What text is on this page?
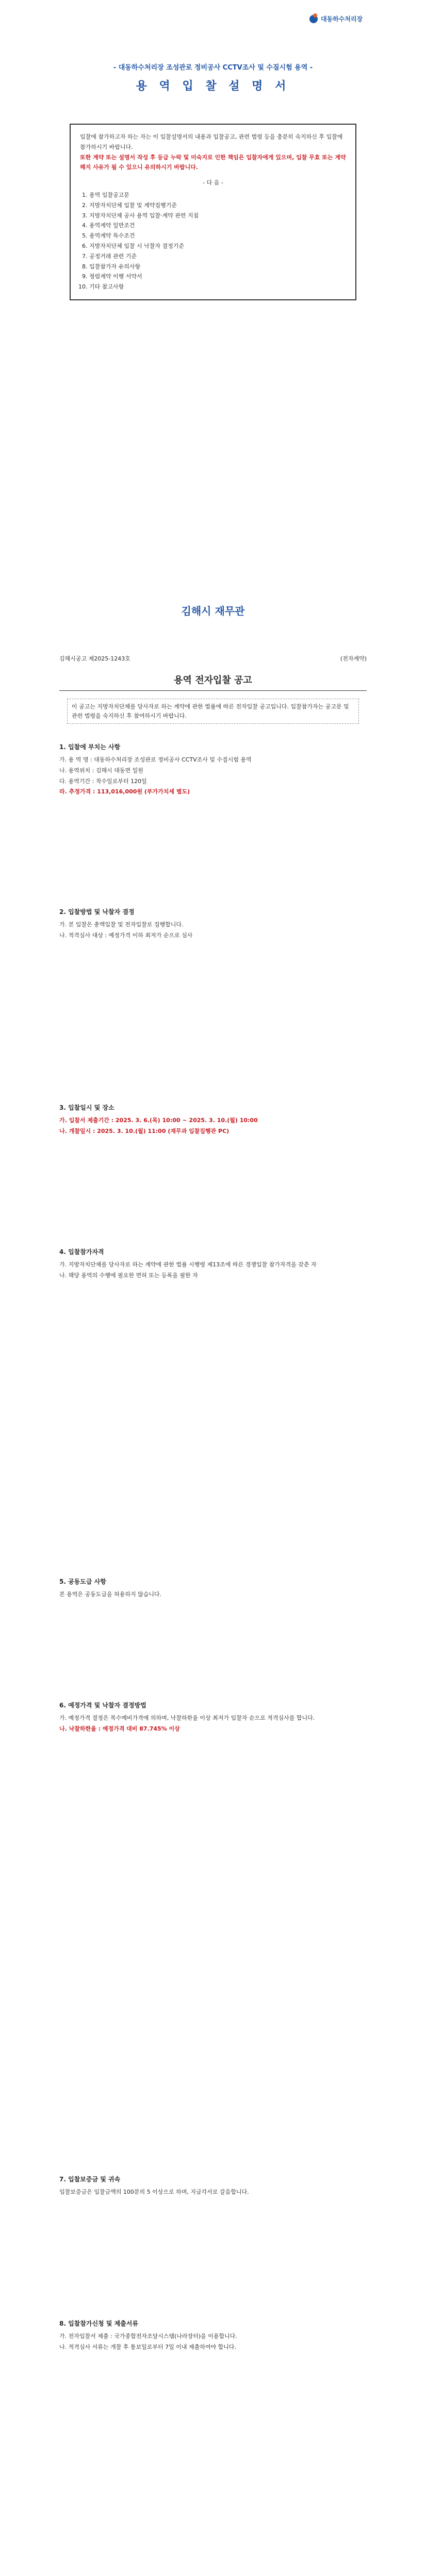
대동하수처리장
- 대동하수처리장 조성관로 정비공사 CCTV조사 및 수질시험 용역 -
용 역 입 찰 설 명 서
입찰에 참가하고자 하는 자는 이 입찰설명서의 내용과 입찰공고, 관련 법령 등을 충분히 숙지하신 후 입찰에 참가하시기 바랍니다.
또한 계약 또는 설명서 작성 후 등급 누락 및 미숙지로 인한 책임은 입찰자에게 있으며, 입찰 무효 또는 계약 해지 사유가 될 수 있으니 유의하시기 바랍니다.
- 다 음 -
1. 용역 입찰공고문
2. 지방자치단체 입찰 및 계약집행기준
3. 지방자치단체 공사 용역 입찰·계약 관련 지침
4. 용역계약 일반조건
5. 용역계약 특수조건
6. 지방자치단체 입찰 시 낙찰자 결정기준
7. 공정거래 관련 기준
8. 입찰참가자 유의사항
9. 청렴계약 이행 서약서
10. 기타 참고사항
김해시 재무관
김해시공고 제2025-1243호	(전자계약)
용역 전자입찰 공고
이 공고는 지방자치단체를 당사자로 하는 계약에 관한 법률에 따른 전자입찰 공고입니다. 입찰참가자는 공고문 및 관련 법령을 숙지하신 후 참여하시기 바랍니다.
1. 입찰에 부치는 사항

가. 용 역 명 : 대동하수처리장 조성관로 정비공사 CCTV조사 및 수질시험 용역

나. 용역위치 : 김해시 대동면 일원

다. 용역기간 : 착수일로부터 120일

라. 추정가격 : 113,016,000원 (부가가치세 별도)

2. 입찰방법 및 낙찰자 결정

가. 본 입찰은 총액입찰 및 전자입찰로 집행합니다.

나. 적격심사 대상 : 예정가격 이하 최저가 순으로 심사

3. 입찰일시 및 장소

가. 입찰서 제출기간 : 2025. 3. 6.(목) 10:00 ~ 2025. 3. 10.(월) 10:00

나. 개찰일시 : 2025. 3. 10.(월) 11:00 (재무과 입찰집행관 PC)

4. 입찰참가자격

가. 지방자치단체를 당사자로 하는 계약에 관한 법률 시행령 제13조에 따른 경쟁입찰 참가자격을 갖춘 자

나. 해당 용역의 수행에 필요한 면허 또는 등록을 필한 자

5. 공동도급 사항

본 용역은 공동도급을 허용하지 않습니다.

6. 예정가격 및 낙찰자 결정방법

가. 예정가격 결정은 복수예비가격에 의하며, 낙찰하한율 이상 최저가 입찰자 순으로 적격심사를 합니다.

나. 낙찰하한율 : 예정가격 대비 87.745% 이상

7. 입찰보증금 및 귀속

입찰보증금은 입찰금액의 100분의 5 이상으로 하며, 지급각서로 갈음합니다.

8. 입찰참가신청 및 제출서류

가. 전자입찰서 제출 : 국가종합전자조달시스템(나라장터)을 이용합니다.

나. 적격심사 서류는 개찰 후 통보일로부터 7일 이내 제출하여야 합니다.
